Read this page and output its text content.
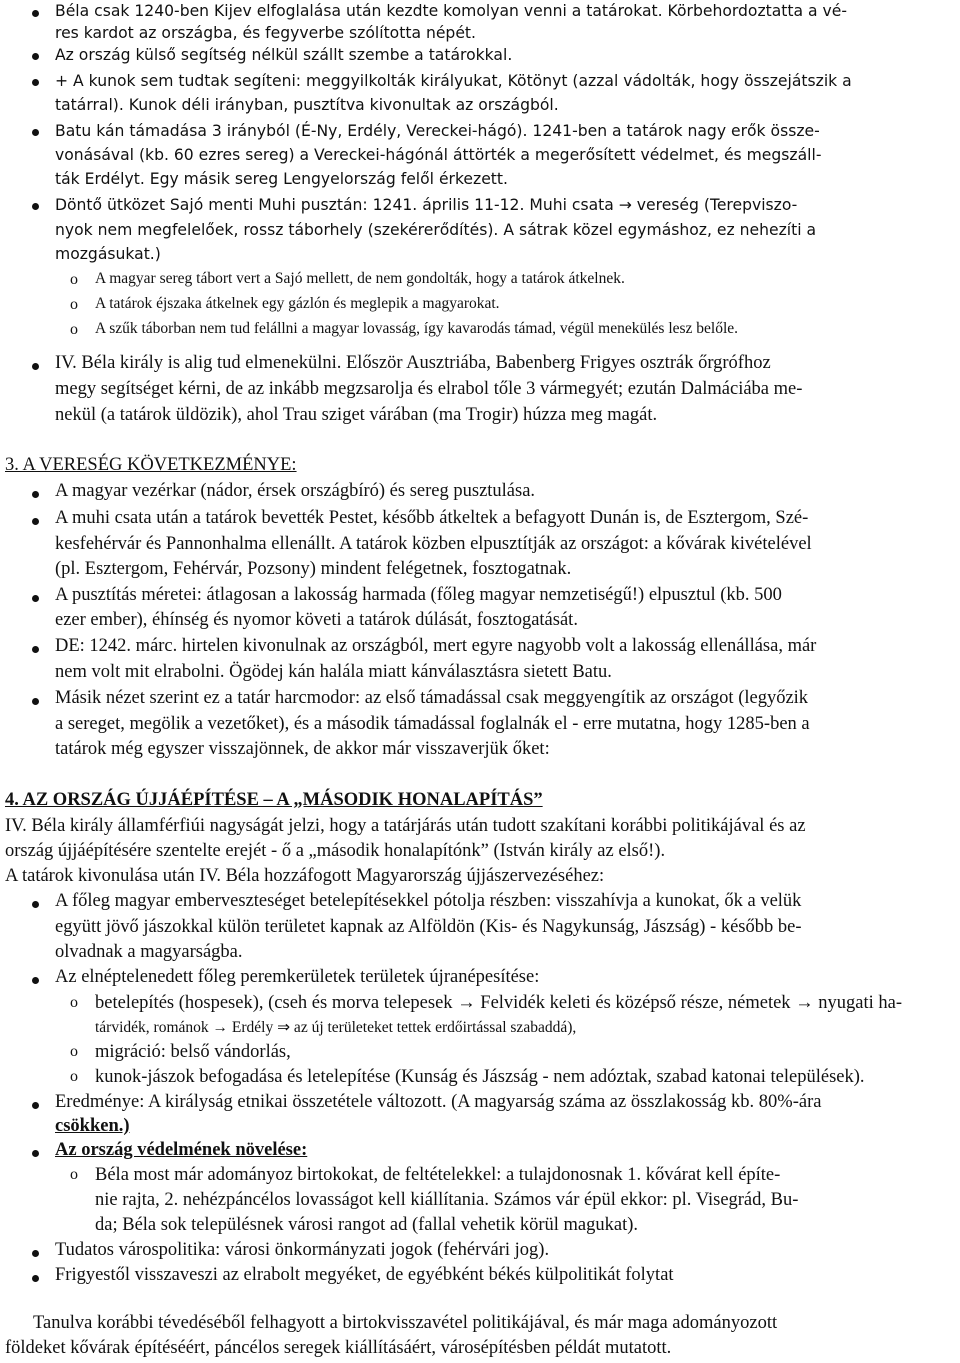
Béla csak 1240-ben Kijev elfoglalása után kezdte komolyan venni a tatárokat. Körbehordoztatta a vé-
res kardot az országba, és fegyverbe szólította népét.
Az ország külső segítség nélkül szállt szembe a tatárokkal.
+ A kunok sem tudtak segíteni: meggyilkolták királyukat, Kötönyt (azzal vádolták, hogy összejátszik a
tatárral). Kunok déli irányban, pusztítva kivonultak az országból.
Batu kán támadása 3 irányból (É-Ny, Erdély, Vereckei-hágó). 1241-ben a tatárok nagy erők össze-
vonásával (kb. 60 ezres sereg) a Vereckei-hágónál áttörték a megerősített védelmet, és megszáll-
ták Erdélyt. Egy másik sereg Lengyelország felől érkezett.
Döntő ütközet Sajó menti Muhi pusztán: 1241. április 11-12. Muhi csata → vereség (Terepviszo-
nyok nem megfelelőek, rossz táborhely (szekérerődítés). A sátrak közel egymáshoz, ez nehezíti a
mozgásukat.)
o A magyar sereg tábort vert a Sajó mellett, de nem gondolták, hogy a tatárok átkelnek.
o A tatárok éjszaka átkelnek egy gázlón és meglepik a magyarokat.
o A szűk táborban nem tud felállni a magyar lovasság, így kavarodás támad, végül menekülés lesz belőle.
IV. Béla király is alig tud elmenekülni. Először Ausztriába, Babenberg Frigyes osztrák őrgrófhoz
megy segítséget kérni, de az inkább megzsarolja és elrabol tőle 3 vármegyét; ezután Dalmáciába me-
nekül (a tatárok üldözik), ahol Trau sziget várában (ma Trogir) húzza meg magát.
3. A VERESÉG KÖVETKEZMÉNYE:
A magyar vezérkar (nádor, érsek országbíró) és sereg pusztulása.
A muhi csata után a tatárok bevették Pestet, később átkeltek a befagyott Dunán is, de Esztergom, Szé-
kesfehérvár és Pannonhalma ellenállt. A tatárok közben elpusztítják az országot: a kővárak kivételével
(pl. Esztergom, Fehérvár, Pozsony) mindent felégetnek, fosztogatnak.
A pusztítás méretei: átlagosan a lakosság harmada (főleg magyar nemzetiségű!) elpusztul (kb. 500
ezer ember), éhínség és nyomor követi a tatárok dúlását, fosztogatását.
DE: 1242. márc. hirtelen kivonulnak az országból, mert egyre nagyobb volt a lakosság ellenállása, már
nem volt mit elrabolni. Ögödej kán halála miatt kánválasztásra sietett Batu.
Másik nézet szerint ez a tatár harcmodor: az első támadással csak meggyengítik az országot (legyőzik
a sereget, megölik a vezetőket), és a második támadással foglalnák el - erre mutatna, hogy 1285-ben a
tatárok még egyszer visszajönnek, de akkor már visszaverjük őket:
4. AZ ORSZÁG ÚJJÁÉPÍTÉSE – A „MÁSODIK HONALAPÍTÁS”
IV. Béla király államférfiúi nagyságát jelzi, hogy a tatárjárás után tudott szakítani korábbi politikájával és az
ország újjáépítésére szentelte erejét - ő a „második honalapítónk” (István király az első!).
A tatárok kivonulása után IV. Béla hozzáfogott Magyarország újjászervezéséhez:
A főleg magyar emberveszteséget betelepítésekkel pótolja részben: visszahívja a kunokat, ők a velük
együtt jövő jászokkal külön területet kapnak az Alföldön (Kis- és Nagykunság, Jászság) - később be-
olvadnak a magyarságba.
Az elnéptelenedett főleg peremkerületek területek újranépesítése:
o betelepítés (hospesek), (cseh és morva telepesek → Felvidék keleti és középső része, németek → nyugati ha-
tárvidék, románok → Erdély ⇒ az új területeket tettek erdőirtással szabaddá),
o migráció: belső vándorlás,
o kunok-jászok befogadása és letelepítése (Kunság és Jászság - nem adóztak, szabad katonai települések).
Eredménye: A királyság etnikai összetétele változott. (A magyarság száma az összlakosság kb. 80%-ára
csökken.)
Az ország védelmének növelése:
o Béla most már adományoz birtokokat, de feltételekkel: a tulajdonosnak 1. kővárat kell építe-
nie rajta, 2. nehézpáncélos lovasságot kell kiállítania. Számos vár épül ekkor: pl. Visegrád, Bu-
da; Béla sok településnek városi rangot ad (fallal vehetik körül magukat).
Tudatos várospolitika: városi önkormányzati jogok (fehérvári jog).
Frigyestől visszaveszi az elrabolt megyéket, de egyébként békés külpolitikát folytat
Tanulva korábbi tévedéséből felhagyott a birtokvisszavétel politikájával, és már maga adományozott
földeket kővárak építéséért, páncélos seregek kiállításáért, városépítésben példát mutatott.
